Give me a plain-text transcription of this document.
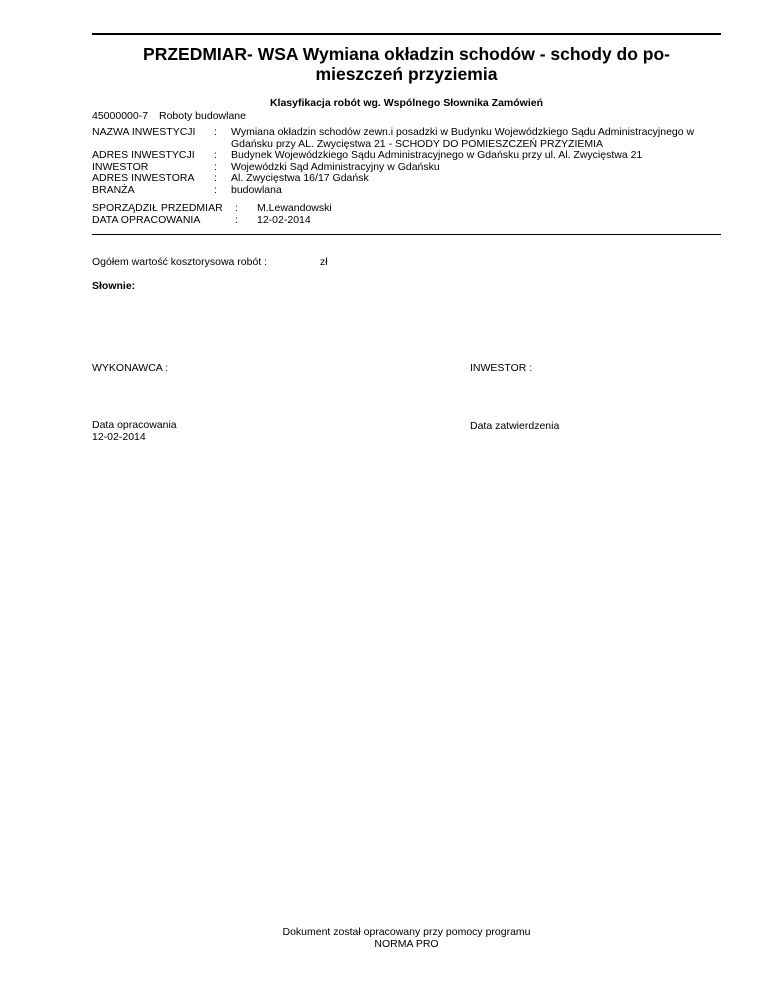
PRZEDMIAR- WSA Wymiana okładzin schodów - schody do po-
mieszczeń przyziemia

Klasyfikacja robót wg. Wspólnego Słownika Zamówień

45000000-7 Roboty budowlane
NAZWA INWESTYCJI	:	Wymiana okładzin schodów zewn.i posadzki w Budynku Wojewódzkiego Sądu Administracyjnego w
Gdańsku przy AL. Zwycięstwa 21 - SCHODY DO POMIESZCZEŃ PRZYZIEMIA
ADRES INWESTYCJI	:	Budynek Wojewódzkiego Sądu Administracyjnego w Gdańsku przy ul. Al. Zwycięstwa 21
INWESTOR	:	Wojewódzki Sąd Administracyjny w Gdańsku
ADRES INWESTORA	:	Al. Zwycięstwa 16/17 Gdańsk
BRANŻA	:	budowlana
SPORZĄDZIŁ PRZEDMIAR	:	M.Lewandowski
DATA OPRACOWANIA	:	12-02-2014
Ogółem wartość kosztorysowa robót :	zł
Słownie:
WYKONAWCA :	INWESTOR :
Data opracowania
12-02-2014
Data zatwierdzenia
Dokument został opracowany przy pomocy programu
NORMA PRO
